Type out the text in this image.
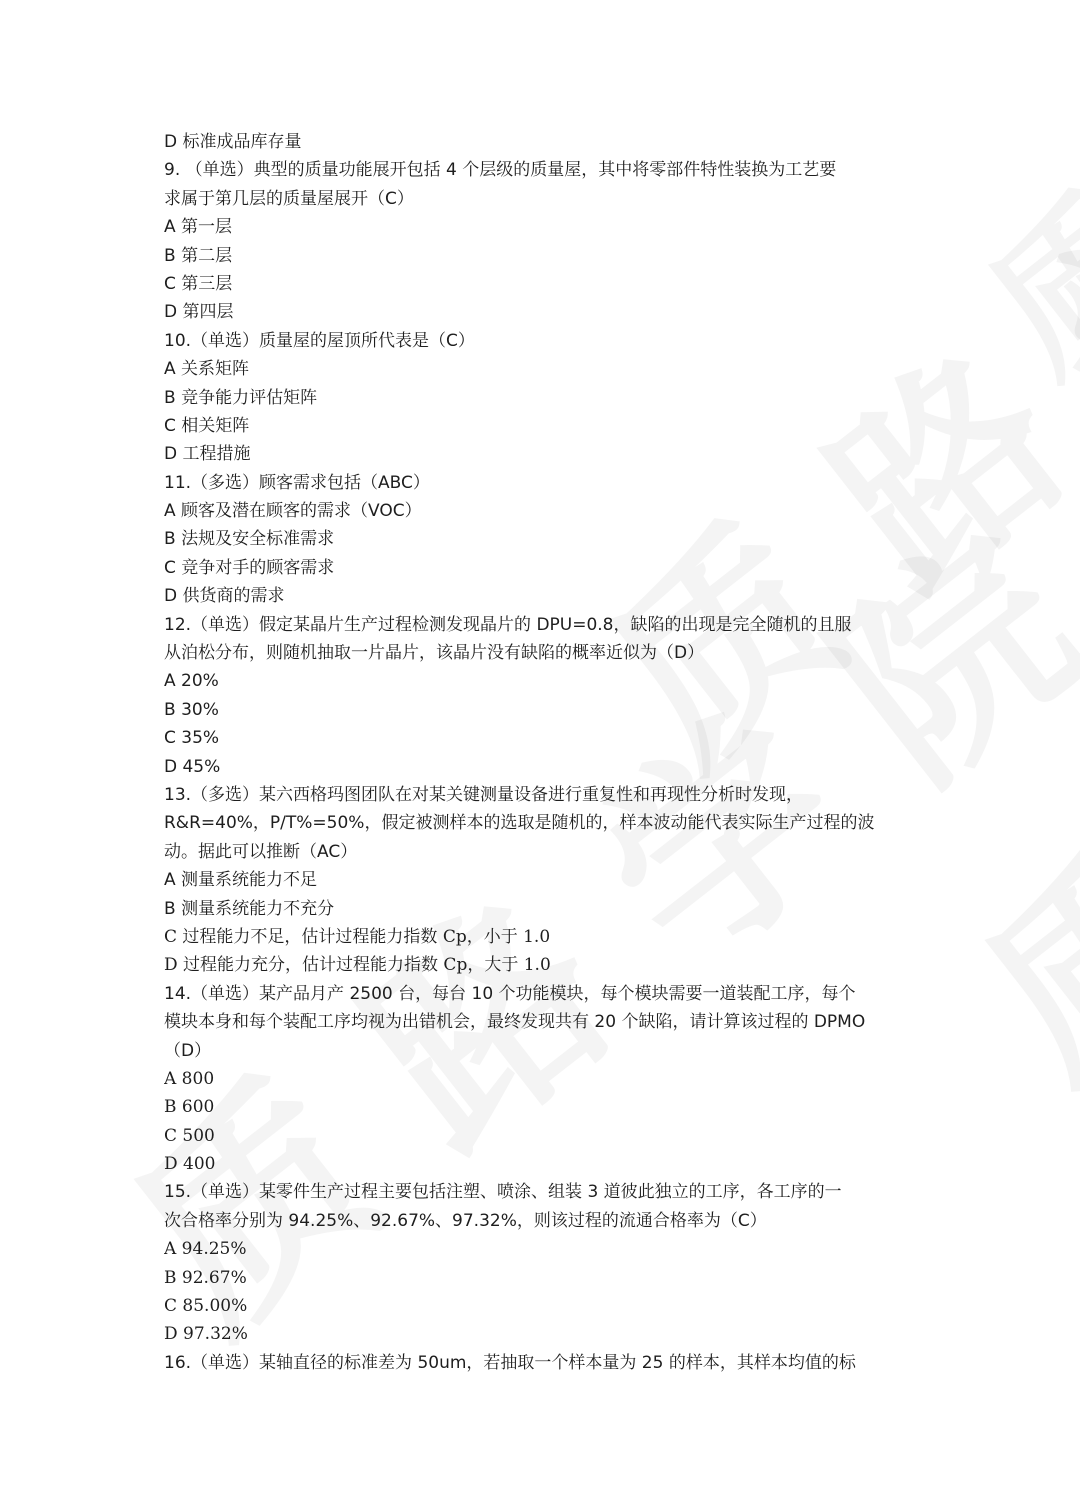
D 标准成品库存量
9. （单选）典型的质量功能展开包括 4 个层级的质量屋，其中将零部件特性装换为工艺要
求属于第几层的质量屋展开（C）
A 第一层
B 第二层
C 第三层
D 第四层
10.（单选）质量屋的屋顶所代表是（C）
A 关系矩阵
B 竞争能力评估矩阵
C 相关矩阵
D 工程措施
11.（多选）顾客需求包括（ABC）
A 顾客及潜在顾客的需求（VOC）
B 法规及安全标准需求
C 竞争对手的顾客需求
D 供货商的需求
12.（单选）假定某晶片生产过程检测发现晶片的 DPU=0.8，缺陷的出现是完全随机的且服
从泊松分布，则随机抽取一片晶片，该晶片没有缺陷的概率近似为（D）
A 20%
B 30%
C 35%
D 45%
13.（多选）某六西格玛图团队在对某关键测量设备进行重复性和再现性分析时发现，
R&R=40%，P/T%=50%，假定被测样本的选取是随机的，样本波动能代表实际生产过程的波
动。据此可以推断（AC）
A 测量系统能力不足
B 测量系统能力不充分
C 过程能力不足，估计过程能力指数 Cp，小于 1.0
D 过程能力充分，估计过程能力指数 Cp，大于 1.0
14.（单选）某产品月产 2500 台，每台 10 个功能模块，每个模块需要一道装配工序，每个
模块本身和每个装配工序均视为出错机会，最终发现共有 20 个缺陷，请计算该过程的 DPMO
（D）
A 800
B 600
C 500
D 400
15.（单选）某零件生产过程主要包括注塑、喷涂、组装 3 道彼此独立的工序，各工序的一
次合格率分别为 94.25%、92.67%、97.32%，则该过程的流通合格率为（C）
A 94.25%
B 92.67%
C 85.00%
D 97.32%
16.（单选）某轴直径的标准差为 50um，若抽取一个样本量为 25 的样本，其样本均值的标
